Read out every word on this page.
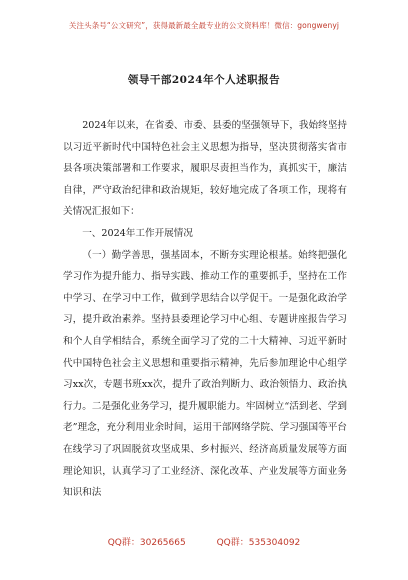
关注头条号“公文研究”，获得最新最全最专业的公文资料库！微信：gongwenyj
领导干部2024年个人述职报告

2024年以来，在省委、市委、县委的坚强领导下，我始终坚持以习近平新时代中国特色社会主义思想为指导，坚决贯彻落实省市县各项决策部署和工作要求，履职尽责担当作为，真抓实干，廉洁自律，严守政治纪律和政治规矩，较好地完成了各项工作，现将有关情况汇报如下：

一、2024年工作开展情况

（一）勤学善思，强基固本，不断夯实理论根基。始终把强化学习作为提升能力、指导实践、推动工作的重要抓手，坚持在工作中学习、在学习中工作，做到学思结合以学促干。一是强化政治学习，提升政治素养。坚持县委理论学习中心组、专题讲座报告学习和个人自学相结合，系统全面学习了党的二十大精神、习近平新时代中国特色社会主义思想和重要指示精神，先后参加理论中心组学习xx次，专题书班xx次，提升了政治判断力、政治领悟力、政治执行力。二是强化业务学习，提升履职能力。牢固树立“活到老、学到老”理念，充分利用业余时间，运用干部网络学院、学习强国等平台在线学习了巩固脱贫攻坚成果、乡村振兴、经济高质量发展等方面理论知识，认真学习了工业经济、深化改革、产业发展等方面业务知识和法

QQ群：30265665	QQ群：535304092
